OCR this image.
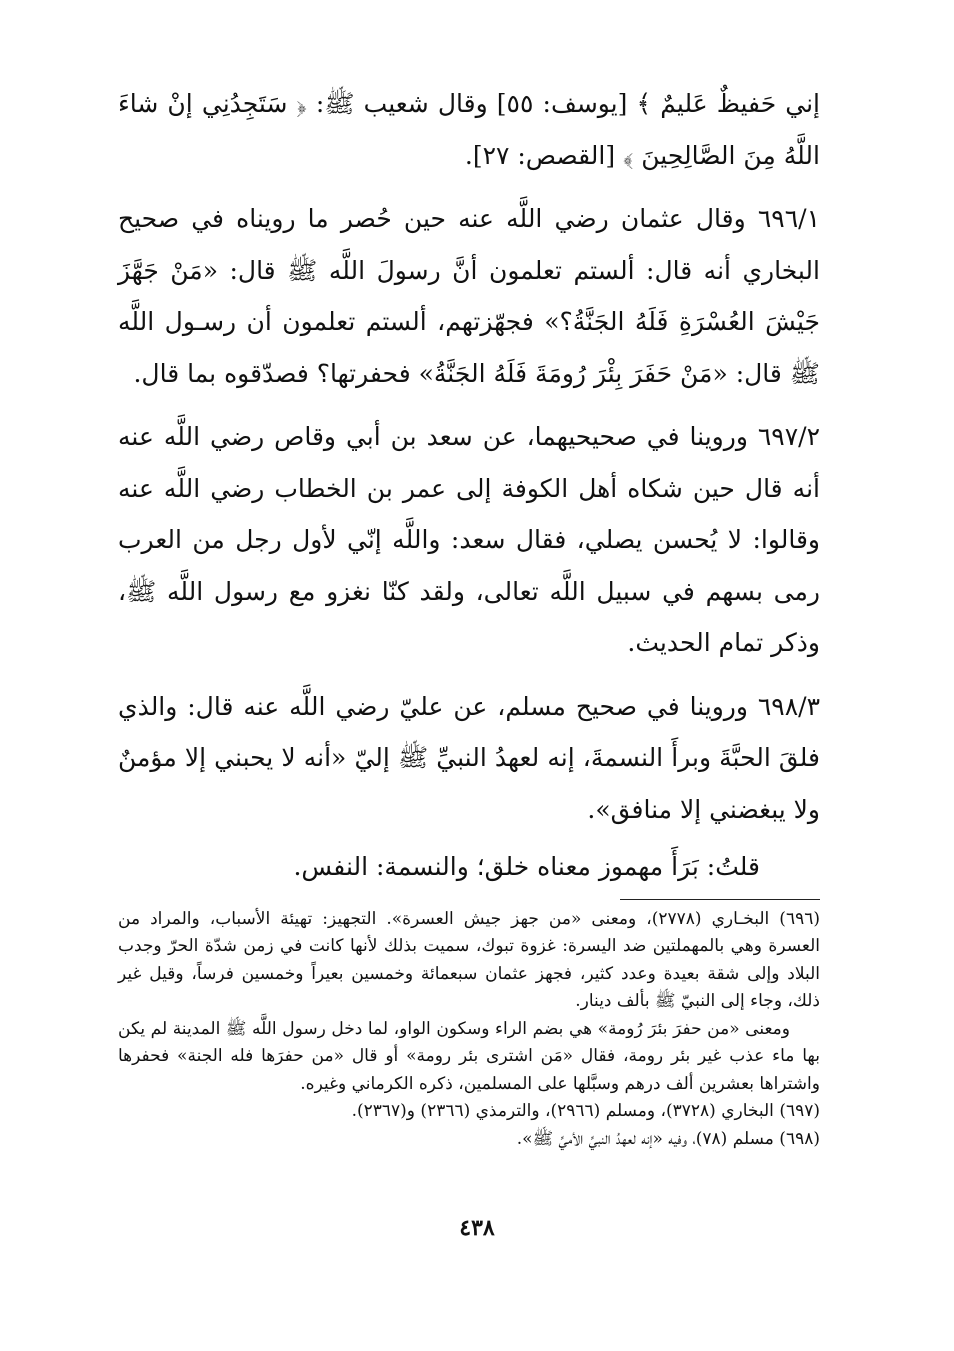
إني حَفيظٌ عَليمٌ ﴾ [يوسف: ٥٥] وقال شعيب ﷺ: ﴿ سَتَجِدُنِي إنْ شاءَ اللَّهُ مِنَ الصَّالِحِينَ ﴾ [القصص: ٢٧].

٦٩٦/١ وقال عثمان رضي اللَّه عنه حين حُصر ما رويناه في صحيح البخاري أنه قال: ألستم تعلمون أنَّ رسولَ اللَّه ﷺ قال: «مَنْ جَهَّزَ جَيْشَ العُسْرَةِ فَلَهُ الجَنَّةُ؟» فجهّزتهم، ألستم تعلمون أن رسـول اللَّه ﷺ قال: «مَنْ حَفَرَ بِئْرَ رُومَةَ فَلَهُ الجَنَّةُ» فحفرتها؟ فصدّقوه بما قال.

٦٩٧/٢ وروينا في صحيحيهما، عن سعد بن أبي وقاص رضي اللَّه عنه أنه قال حين شكاه أهل الكوفة إلى عمر بن الخطاب رضي اللَّه عنه وقالوا: لا يُحسن يصلي، فقال سعد: واللَّه إنّي لأول رجل من العرب رمى بسهم في سبيل اللَّه تعالى، ولقد كنّا نغزو مع رسول اللَّه ﷺ، وذكر تمام الحديث.

٦٩٨/٣ وروينا في صحيح مسلم، عن عليّ رضي اللَّه عنه قال: والذي فلقَ الحبَّةَ وبرأَ النسمةَ، إنه لعهدُ النبيِّ ﷺ إليّ «أنه لا يحبني إلا مؤمنٌ ولا يبغضني إلا منافق».

قلتُ: بَرَأَ مهموز معناه خلق؛ والنسمة: النفس.

(٦٩٦) البخـاري (٢٧٧٨)، ومعنى «من جهز جيش العسرة». التجهيز: تهيئة الأسباب، والمراد من العسرة وهي بالمهملتين ضد اليسرة: غزوة تبوك، سميت بذلك لأنها كانت في زمن شدّة الحرّ وجدب البلاد وإلى شقة بعيدة وعدد كثير، فجهز عثمان سبعمائة وخمسين بعيراً وخمسين فرساً، وقيل غير ذلك، وجاء إلى النبيّ ﷺ بألف دينار.

ومعنى «من حفرَ بئرَ رُومة» هي بضم الراء وسكون الواو، لما دخل رسول اللَّه ﷺ المدينة لم يكن بها ماء عذب غير بئر رومة، فقال «مَن اشترى بئر رومة» أو قال «من حفرَها فله الجنة» فحفرها واشتراها بعشرين ألف درهم وسبَّلها على المسلمين، ذكره الكرماني وغيره.

(٦٩٧) البخاري (٣٧٢٨)، ومسلم (٢٩٦٦)، والترمذي (٢٣٦٦) و(٢٣٦٧).

(٦٩٨) مسلم (٧٨)، وفيه «إنه لعهدُ النبيِّ الأميِّ ﷺ».

٤٣٨
